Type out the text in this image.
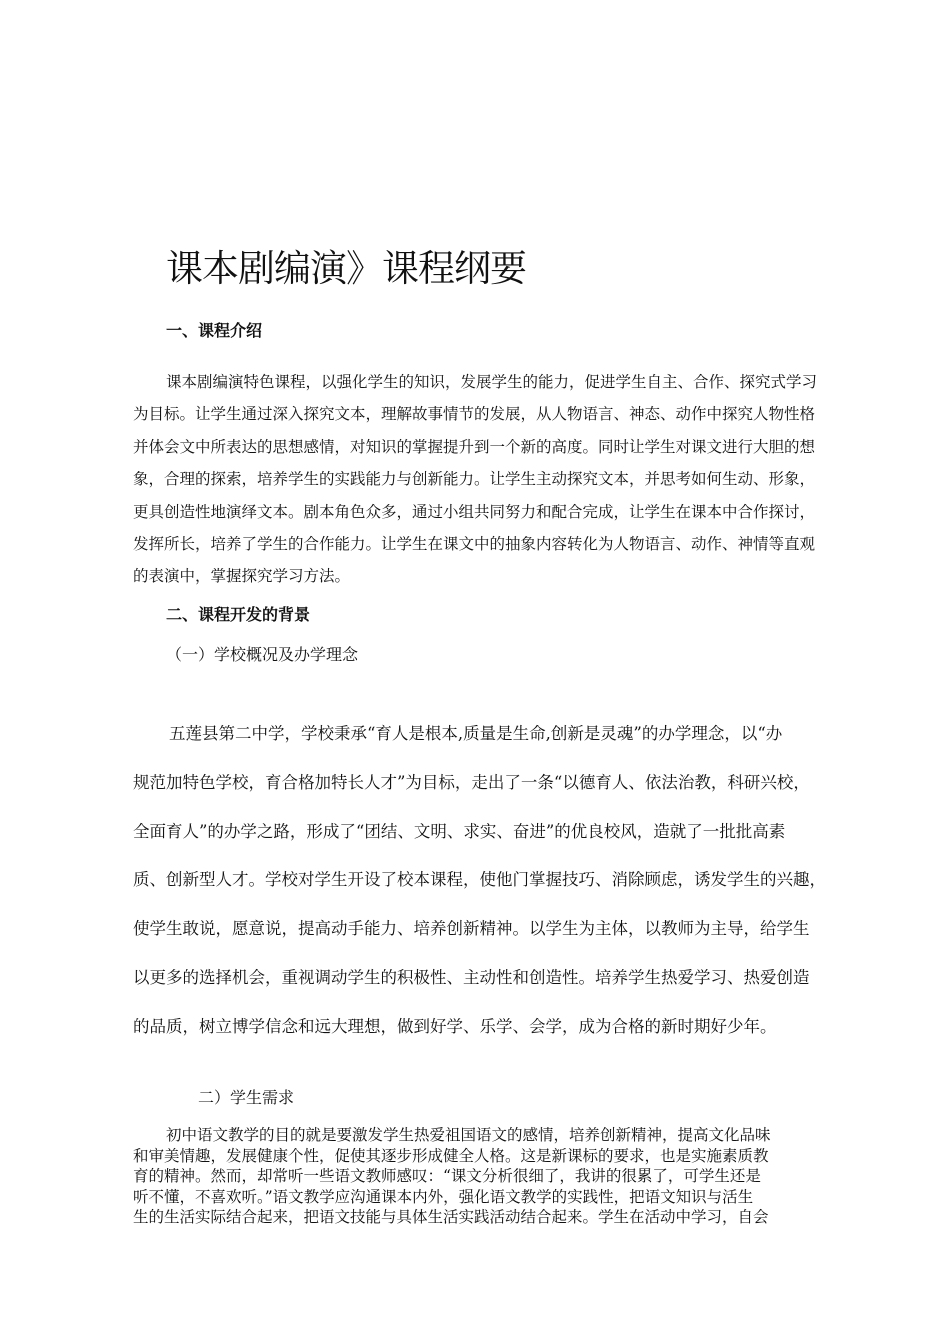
课本剧编演》课程纲要
一、课程介绍
课本剧编演特色课程，以强化学生的知识，发展学生的能力，促进学生自主、合作、探究式学习
为目标。让学生通过深入探究文本，理解故事情节的发展，从人物语言、神态、动作中探究人物性格
并体会文中所表达的思想感情，对知识的掌握提升到一个新的高度。同时让学生对课文进行大胆的想
象，合理的探索，培养学生的实践能力与创新能力。让学生主动探究文本，并思考如何生动、形象，
更具创造性地演绎文本。剧本角色众多，通过小组共同努力和配合完成，让学生在课本中合作探讨，
发挥所长，培养了学生的合作能力。让学生在课文中的抽象内容转化为人物语言、动作、神情等直观
的表演中，掌握探究学习方法。
二、课程开发的背景
（一）学校概况及办学理念
五莲县第二中学，学校秉承“育人是根本,质量是生命,创新是灵魂”的办学理念，以“办
规范加特色学校，育合格加特长人才”为目标，走出了一条“以德育人、依法治教，科研兴校，
全面育人”的办学之路，形成了“团结、文明、求实、奋进”的优良校风，造就了一批批高素
质、创新型人才。学校对学生开设了校本课程，使他门掌握技巧、消除顾虑，诱发学生的兴趣，
使学生敢说，愿意说，提高动手能力、培养创新精神。以学生为主体，以教师为主导，给学生
以更多的选择机会，重视调动学生的积极性、主动性和创造性。培养学生热爱学习、热爱创造
的品质，树立博学信念和远大理想，做到好学、乐学、会学，成为合格的新时期好少年。
二）学生需求
初中语文教学的目的就是要激发学生热爱祖国语文的感情，培养创新精神，提高文化品味
和审美情趣，发展健康个性，促使其逐步形成健全人格。这是新课标的要求，也是实施素质教
育的精神。然而，却常听一些语文教师感叹：“课文分析很细了，我讲的很累了，可学生还是
听不懂，不喜欢听。”语文教学应沟通课本内外，强化语文教学的实践性，把语文知识与活生
生的生活实际结合起来，把语文技能与具体生活实践活动结合起来。学生在活动中学习，自会
